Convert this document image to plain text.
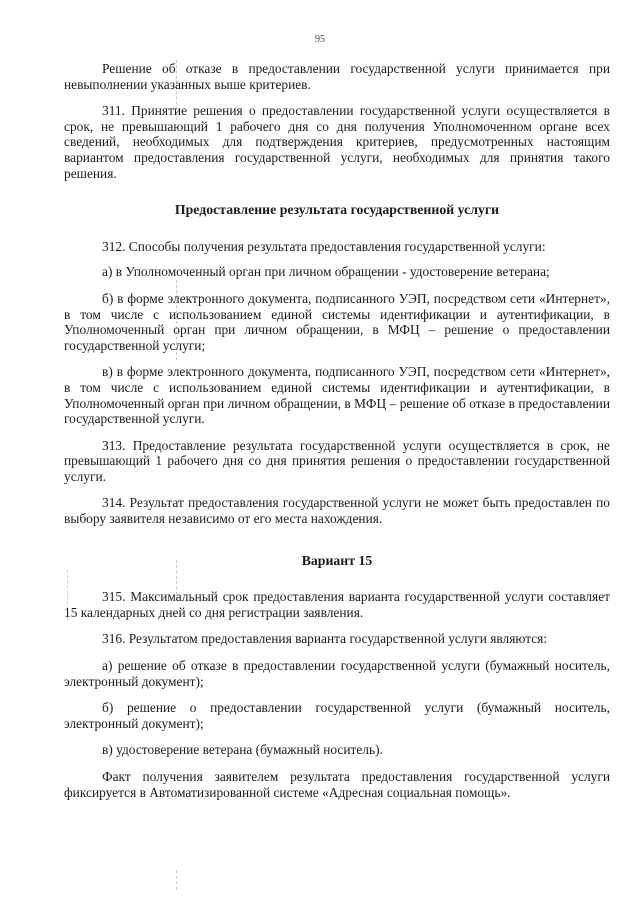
95

Решение об отказе в предоставлении государственной услуги принимается при невыполнении указанных выше критериев.

311. Принятие решения о предоставлении государственной услуги осуществляется в срок, не превышающий 1 рабочего дня со дня получения Уполномоченном органе всех сведений, необходимых для подтверждения критериев, предусмотренных настоящим вариантом предоставления государственной услуги, необходимых для принятия такого решения.

Предоставление результата государственной услуги

312. Способы получения результата предоставления государственной услуги:

а) в Уполномоченный орган при личном обращении - удостоверение ветерана;

б) в форме электронного документа, подписанного УЭП, посредством сети «Интернет», в том числе с использованием единой системы идентификации и аутентификации, в Уполномоченный орган при личном обращении, в МФЦ – решение о предоставлении государственной услуги;

в) в форме электронного документа, подписанного УЭП, посредством сети «Интернет», в том числе с использованием единой системы идентификации и аутентификации, в Уполномоченный орган при личном обращении, в МФЦ – решение об отказе в предоставлении государственной услуги.

313. Предоставление результата государственной услуги осуществляется в срок, не превышающий 1 рабочего дня со дня принятия решения о предоставлении государственной услуги.

314. Результат предоставления государственной услуги не может быть предоставлен по выбору заявителя независимо от его места нахождения.

Вариант 15

315. Максимальный срок предоставления варианта государственной услуги составляет 15 календарных дней со дня регистрации заявления.

316. Результатом предоставления варианта государственной услуги являются:

а) решение об отказе в предоставлении государственной услуги (бумажный носитель, электронный документ);

б) решение о предоставлении государственной услуги (бумажный носитель, электронный документ);

в) удостоверение ветерана (бумажный носитель).

Факт получения заявителем результата предоставления государственной услуги фиксируется в Автоматизированной системе «Адресная социальная помощь».
